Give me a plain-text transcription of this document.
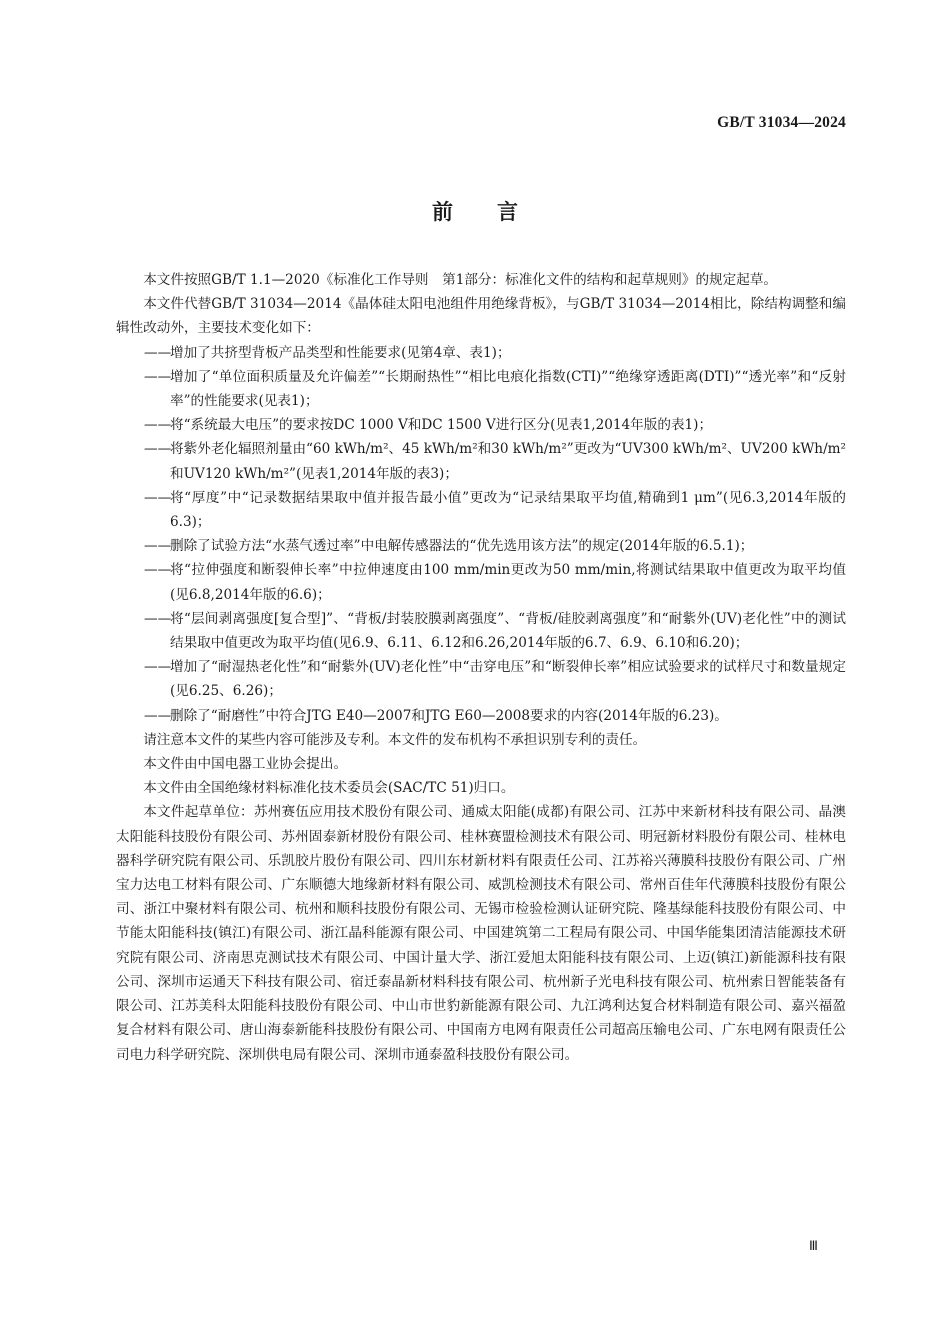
GB/T 31034—2024
前言

本文件按照GB/T 1.1—2020《标准化工作导则　第1部分：标准化文件的结构和起草规则》的规定起草。

本文件代替GB/T 31034—2014《晶体硅太阳电池组件用绝缘背板》，与GB/T 31034—2014相比，除结构调整和编辑性改动外，主要技术变化如下：

——
增加了共挤型背板产品类型和性能要求(见第4章、表1)；

——
增加了“单位面积质量及允许偏差”“长期耐热性”“相比电痕化指数(CTI)”“绝缘穿透距离(DTI)”“透光率”和“反射率”的性能要求(见表1)；

——
将“系统最大电压”的要求按DC 1000 V和DC 1500 V进行区分(见表1,2014年版的表1)；

——
将紫外老化辐照剂量由“60 kWh/m²、45 kWh/m²和30 kWh/m²”更改为“UV300 kWh/m²、UV200 kWh/m²和UV120 kWh/m²”(见表1,2014年版的表3)；

——
将“厚度”中“记录数据结果取中值并报告最小值”更改为“记录结果取平均值,精确到1 μm”(见6.3,2014年版的6.3)；

——
删除了试验方法“水蒸气透过率”中电解传感器法的“优先选用该方法”的规定(2014年版的6.5.1)；

——
将“拉伸强度和断裂伸长率”中拉伸速度由100 mm/min更改为50 mm/min,将测试结果取中值更改为取平均值(见6.8,2014年版的6.6)；

——
将“层间剥离强度[复合型]”、“背板/封装胶膜剥离强度”、“背板/硅胶剥离强度”和“耐紫外(UV)老化性”中的测试结果取中值更改为取平均值(见6.9、6.11、6.12和6.26,2014年版的6.7、6.9、6.10和6.20)；

——
增加了“耐湿热老化性”和“耐紫外(UV)老化性”中“击穿电压”和“断裂伸长率”相应试验要求的试样尺寸和数量规定(见6.25、6.26)；

——
删除了“耐磨性”中符合JTG E40—2007和JTG E60—2008要求的内容(2014年版的6.23)。

请注意本文件的某些内容可能涉及专利。本文件的发布机构不承担识别专利的责任。

本文件由中国电器工业协会提出。

本文件由全国绝缘材料标准化技术委员会(SAC/TC 51)归口。

本文件起草单位：苏州赛伍应用技术股份有限公司、通威太阳能(成都)有限公司、江苏中来新材科技有限公司、晶澳太阳能科技股份有限公司、苏州固泰新材股份有限公司、桂林赛盟检测技术有限公司、明冠新材料股份有限公司、桂林电器科学研究院有限公司、乐凯胶片股份有限公司、四川东材新材料有限责任公司、江苏裕兴薄膜科技股份有限公司、广州宝力达电工材料有限公司、广东顺德大地缘新材料有限公司、威凯检测技术有限公司、常州百佳年代薄膜科技股份有限公司、浙江中聚材料有限公司、杭州和顺科技股份有限公司、无锡市检验检测认证研究院、隆基绿能科技股份有限公司、中节能太阳能科技(镇江)有限公司、浙江晶科能源有限公司、中国建筑第二工程局有限公司、中国华能集团清洁能源技术研究院有限公司、济南思克测试技术有限公司、中国计量大学、浙江爱旭太阳能科技有限公司、上迈(镇江)新能源科技有限公司、深圳市运通天下科技有限公司、宿迁泰晶新材料科技有限公司、杭州新子光电科技有限公司、杭州索日智能装备有限公司、江苏美科太阳能科技股份有限公司、中山市世豹新能源有限公司、九江鸿利达复合材料制造有限公司、嘉兴福盈复合材料有限公司、唐山海泰新能科技股份有限公司、中国南方电网有限责任公司超高压输电公司、广东电网有限责任公司电力科学研究院、深圳供电局有限公司、深圳市通泰盈科技股份有限公司。

Ⅲ
